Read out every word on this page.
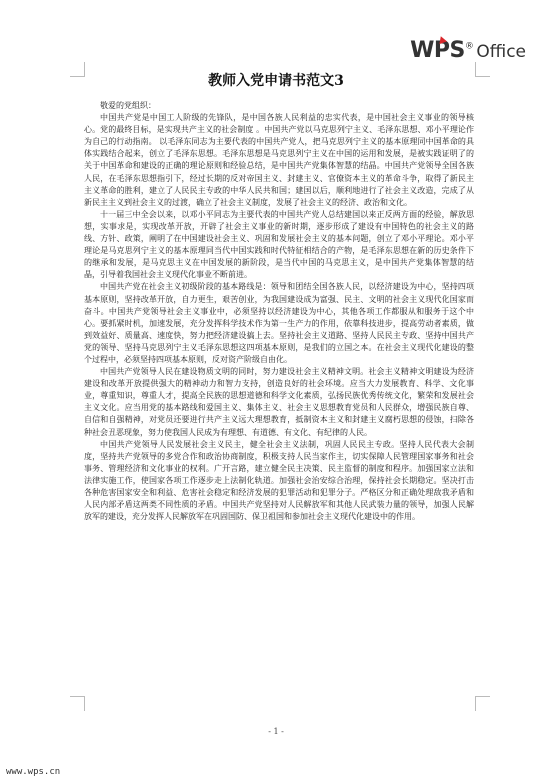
WPS® Office
教师入党申请书范文3

敬爱的党组织：

中国共产党是中国工人阶级的先锋队，是中国各族人民利益的忠实代表，是中国社会主义事业的领导核心。党的最终目标，是实现共产主义的社会制度 。中国共产党以马克思列宁主义、毛泽东思想、邓小平理论作为自己的行动指南。 以毛泽东同志为主要代表的中国共产党人，把马克思列宁主义的基本原理同中国革命的具体实践结合起来，创立了毛泽东思想。毛泽东思想是马克思列宁主义在中国的运用和发展，是被实践证明了的关于中国革命和建设的正确的理论原则和经验总结，是中国共产党集体智慧的结晶。中国共产党领导全国各族人民，在毛泽东思想指引下，经过长期的反对帝国主义、封建主义、官僚资本主义的革命斗争，取得了新民主主义革命的胜利，建立了人民民主专政的中华人民共和国；建国以后，顺利地进行了社会主义改造，完成了从新民主主义到社会主义的过渡，确立了社会主义制度，发展了社会主义的经济、政治和文化。

十一届三中全会以来，以邓小平同志为主要代表的中国共产党人总结建国以来正反两方面的经验，解放思想，实事求是，实现改革开放，开辟了社会主义事业的新时期，逐步形成了建设有中国特色的社会主义的路线、方针、政策，阐明了在中国建设社会主义、巩固和发展社会主义的基本问题，创立了邓小平理论。邓小平理论是马克思列宁主义的基本原理同当代中国实践和时代特征相结合的产物，是毛泽东思想在新的历史条件下的继承和发展，是马克思主义在中国发展的新阶段，是当代中国的马克思主义，是中国共产党集体智慧的结晶，引导着我国社会主义现代化事业不断前进。

中国共产党在社会主义初级阶段的基本路线是：领导和团结全国各族人民，以经济建设为中心，坚持四项基本原则，坚持改革开放，自力更生，艰苦创业，为我国建设成为富强、民主、文明的社会主义现代化国家而奋斗。中国共产党领导社会主义事业中，必须坚持以经济建设为中心，其他各项工作都服从和服务于这个中心。要抓紧时机，加速发展，充分发挥科学技术作为第一生产力的作用，依靠科技进步，提高劳动者素质，做到效益好、质量高、速度快，努力把经济建设搞上去。坚持社会主义道路、坚持人民民主专政、坚持中国共产党的领导、坚持马克思列宁主义毛泽东思想这四项基本原则，是我们的立国之本。在社会主义现代化建设的整个过程中，必须坚持四项基本原则，反对资产阶级自由化。

中国共产党领导人民在建设物质文明的同时，努力建设社会主义精神文明。社会主义精神文明建设为经济建设和改革开放提供强大的精神动力和智力支持，创造良好的社会环境。应当大力发展教育、科学、文化事业，尊重知识，尊重人才，提高全民族的思想道德和科学文化素质，弘扬民族优秀传统文化，繁荣和发展社会主义文化。应当用党的基本路线和爱国主义、集体主义、社会主义思想教育党员和人民群众，增强民族自尊、自信和自强精神，对党员还要进行共产主义远大理想教育，抵制资本主义和封建主义腐朽思想的侵蚀，扫除各种社会丑恶现象，努力使我国人民成为有理想、有道德、有文化、有纪律的人民。

中国共产党领导人民发展社会主义民主，健全社会主义法制，巩固人民民主专政。坚持人民代表大会制度，坚持共产党领导的多党合作和政治协商制度，积极支持人民当家作主，切实保障人民管理国家事务和社会事务、管理经济和文化事业的权利。广开言路，建立健全民主决策、民主监督的制度和程序。加强国家立法和法律实施工作，使国家各项工作逐步走上法制化轨道。加强社会治安综合治理，保持社会长期稳定。坚决打击各种危害国家安全和利益、危害社会稳定和经济发展的犯罪活动和犯罪分子。严格区分和正确处理敌我矛盾和人民内部矛盾这两类不同性质的矛盾。中国共产党坚持对人民解放军和其他人民武装力量的领导，加强人民解放军的建设，充分发挥人民解放军在巩固国防、保卫祖国和参加社会主义现代化建设中的作用。

- 1 -
www.wps.cn
